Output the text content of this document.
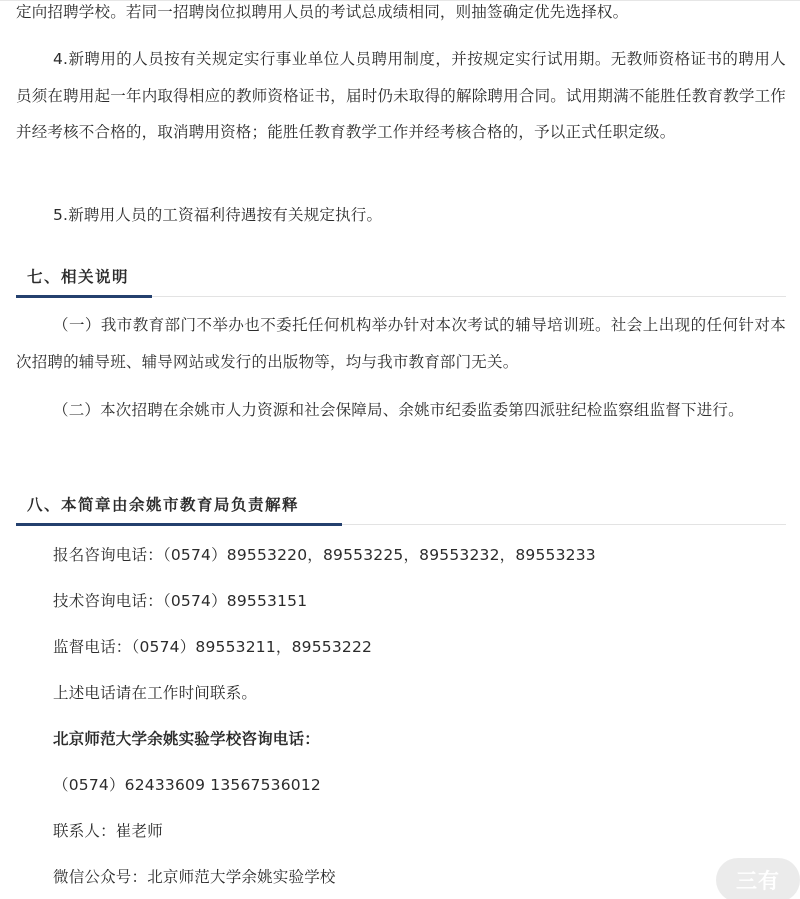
定向招聘学校。若同一招聘岗位拟聘用人员的考试总成绩相同，则抽签确定优先选择权。

4.新聘用的人员按有关规定实行事业单位人员聘用制度，并按规定实行试用期。无教师资格证书的聘用人员须在聘用起一年内取得相应的教师资格证书，届时仍未取得的解除聘用合同。试用期满不能胜任教育教学工作并经考核不合格的，取消聘用资格；能胜任教育教学工作并经考核合格的，予以正式任职定级。

5.新聘用人员的工资福利待遇按有关规定执行。

七、相关说明

（一）我市教育部门不举办也不委托任何机构举办针对本次考试的辅导培训班。社会上出现的任何针对本次招聘的辅导班、辅导网站或发行的出版物等，均与我市教育部门无关。

（二）本次招聘在余姚市人力资源和社会保障局、余姚市纪委监委第四派驻纪检监察组监督下进行。

八、本简章由余姚市教育局负责解释

报名咨询电话：（0574）89553220，89553225，89553232，89553233

技术咨询电话：（0574）89553151

监督电话：（0574）89553211，89553222

上述电话请在工作时间联系。

北京师范大学余姚实验学校咨询电话：

（0574）62433609 13567536012

联系人：崔老师

微信公众号：北京师范大学余姚实验学校	三有
